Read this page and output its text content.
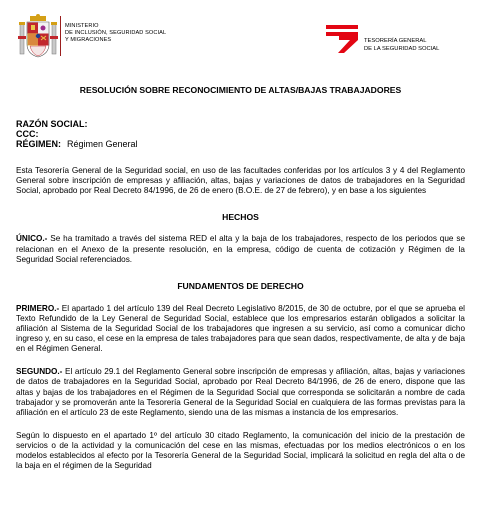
MINISTERIO
DE INCLUSIÓN, SEGURIDAD SOCIAL
Y MIGRACIONES	TESORERÍA GENERAL
DE LA SEGURIDAD SOCIAL
RESOLUCIÓN SOBRE RECONOCIMIENTO DE ALTAS/BAJAS TRABAJADORES
RAZÓN SOCIAL:
CCC:
RÉGIMEN: Régimen General

Esta Tesorería General de la Seguridad social, en uso de las facultades conferidas por los artículos 3 y 4 del Reglamento General sobre inscripción de empresas y afiliación, altas, bajas y variaciones de datos de trabajadores en la Seguridad Social, aprobado por Real Decreto 84/1996, de 26 de enero (B.O.E. de 27 de febrero), y en base a los siguientes

HECHOS

ÚNICO.- Se ha tramitado a través del sistema RED el alta y la baja de los trabajadores, respecto de los periodos que se relacionan en el Anexo de la presente resolución, en la empresa, código de cuenta de cotización y Régimen de la Seguridad Social referenciados.

FUNDAMENTOS DE DERECHO

PRIMERO.- El apartado 1 del artículo 139 del Real Decreto Legislativo 8/2015, de 30 de octubre, por el que se aprueba el Texto Refundido de la Ley General de Seguridad Social, establece que los empresarios estarán obligados a solicitar la afiliación al Sistema de la Seguridad Social de los trabajadores que ingresen a su servicio, así como a comunicar dicho ingreso y, en su caso, el cese en la empresa de tales trabajadores para que sean dados, respectivamente, de alta y de baja en el Régimen General.

SEGUNDO.- El artículo 29.1 del Reglamento General sobre inscripción de empresas y afiliación, altas, bajas y variaciones de datos de trabajadores en la Seguridad Social, aprobado por Real Decreto 84/1996, de 26 de enero, dispone que las altas y bajas de los trabajadores en el Régimen de la Seguridad Social que corresponda se solicitarán a nombre de cada trabajador y se promoverán ante la Tesorería General de la Seguridad Social en cualquiera de las formas previstas para la afiliación en el artículo 23 de este Reglamento, siendo una de las mismas a instancia de los empresarios.

Según lo dispuesto en el apartado 1º del artículo 30 citado Reglamento, la comunicación del inicio de la prestación de servicios o de la actividad y la comunicación del cese en las mismas, efectuadas por los medios electrónicos o en los modelos establecidos al efecto por la Tesorería General de la Seguridad Social, implicará la solicitud en regla del alta o de la baja en el régimen de la Seguridad
